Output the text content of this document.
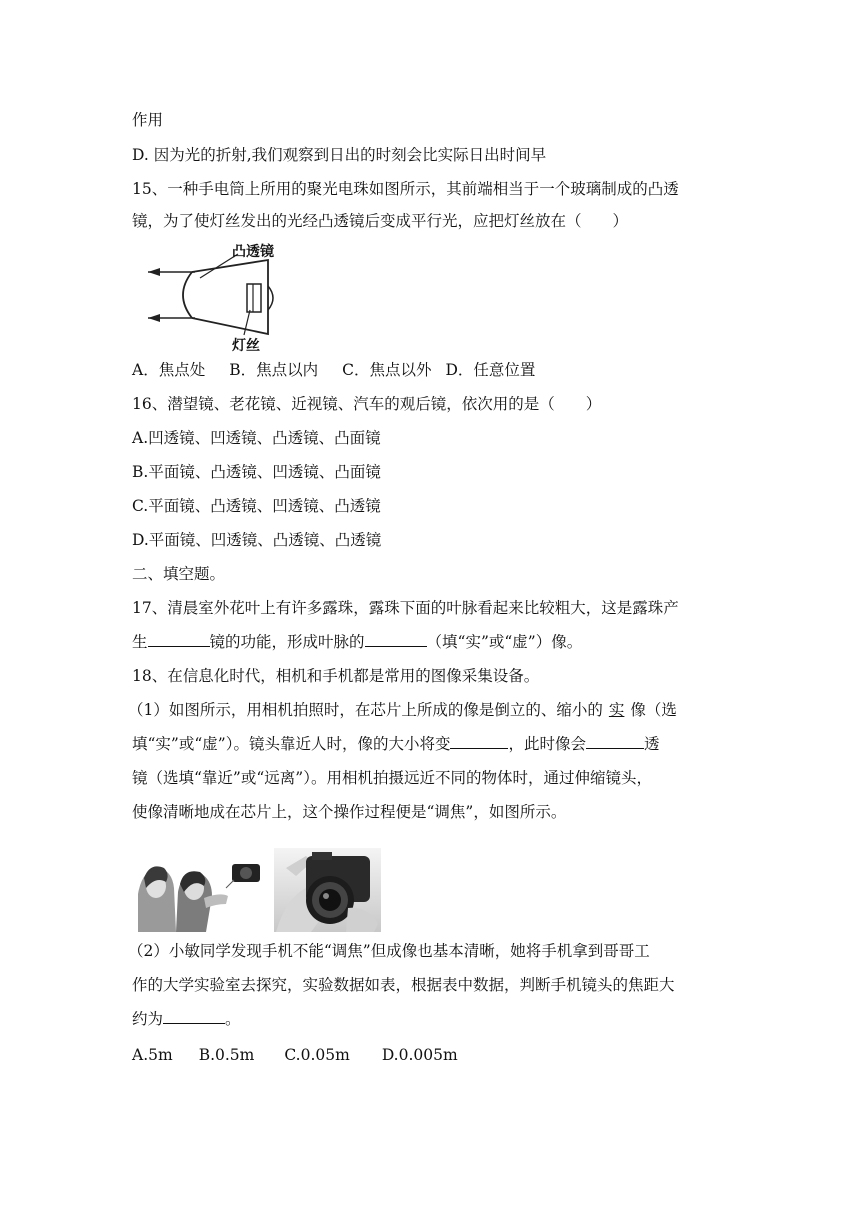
作用
D. 因为光的折射,我们观察到日出的时刻会比实际日出时间早
15、一种手电筒上所用的聚光电珠如图所示，其前端相当于一个玻璃制成的凸透
镜，为了使灯丝发出的光经凸透镜后变成平行光，应把灯丝放在（　　）
凸透镜
灯丝
A．焦点处 B．焦点以内 C．焦点以外 D．任意位置
16、潜望镜、老花镜、近视镜、汽车的观后镜，依次用的是（　　）
A.凹透镜、凹透镜、凸透镜、凸面镜
B.平面镜、凸透镜、凹透镜、凸面镜
C.平面镜、凸透镜、凹透镜、凸透镜
D.平面镜、凹透镜、凸透镜、凸透镜
二、填空题。
17、清晨室外花叶上有许多露珠，露珠下面的叶脉看起来比较粗大，这是露珠产
生	镜的功能，形成叶脉的	（填“实”或“虚”）像。
18、在信息化时代，相机和手机都是常用的图像采集设备。
（1）如图所示，用相机拍照时，在芯片上所成的像是倒立的、缩小的 实 像（选
填“实”或“虚”）。镜头靠近人时，像的大小将变	，此时像会	透
镜（选填“靠近”或“远离”）。用相机拍摄远近不同的物体时，通过伸缩镜头，
使像清晰地成在芯片上，这个操作过程便是“调焦”，如图所示。
（2）小敏同学发现手机不能“调焦”但成像也基本清晰，她将手机拿到哥哥工
作的大学实验室去探究，实验数据如表，根据表中数据，判断手机镜头的焦距大
约为	。
A.5m B.0.5m C.0.05m D.0.005m
